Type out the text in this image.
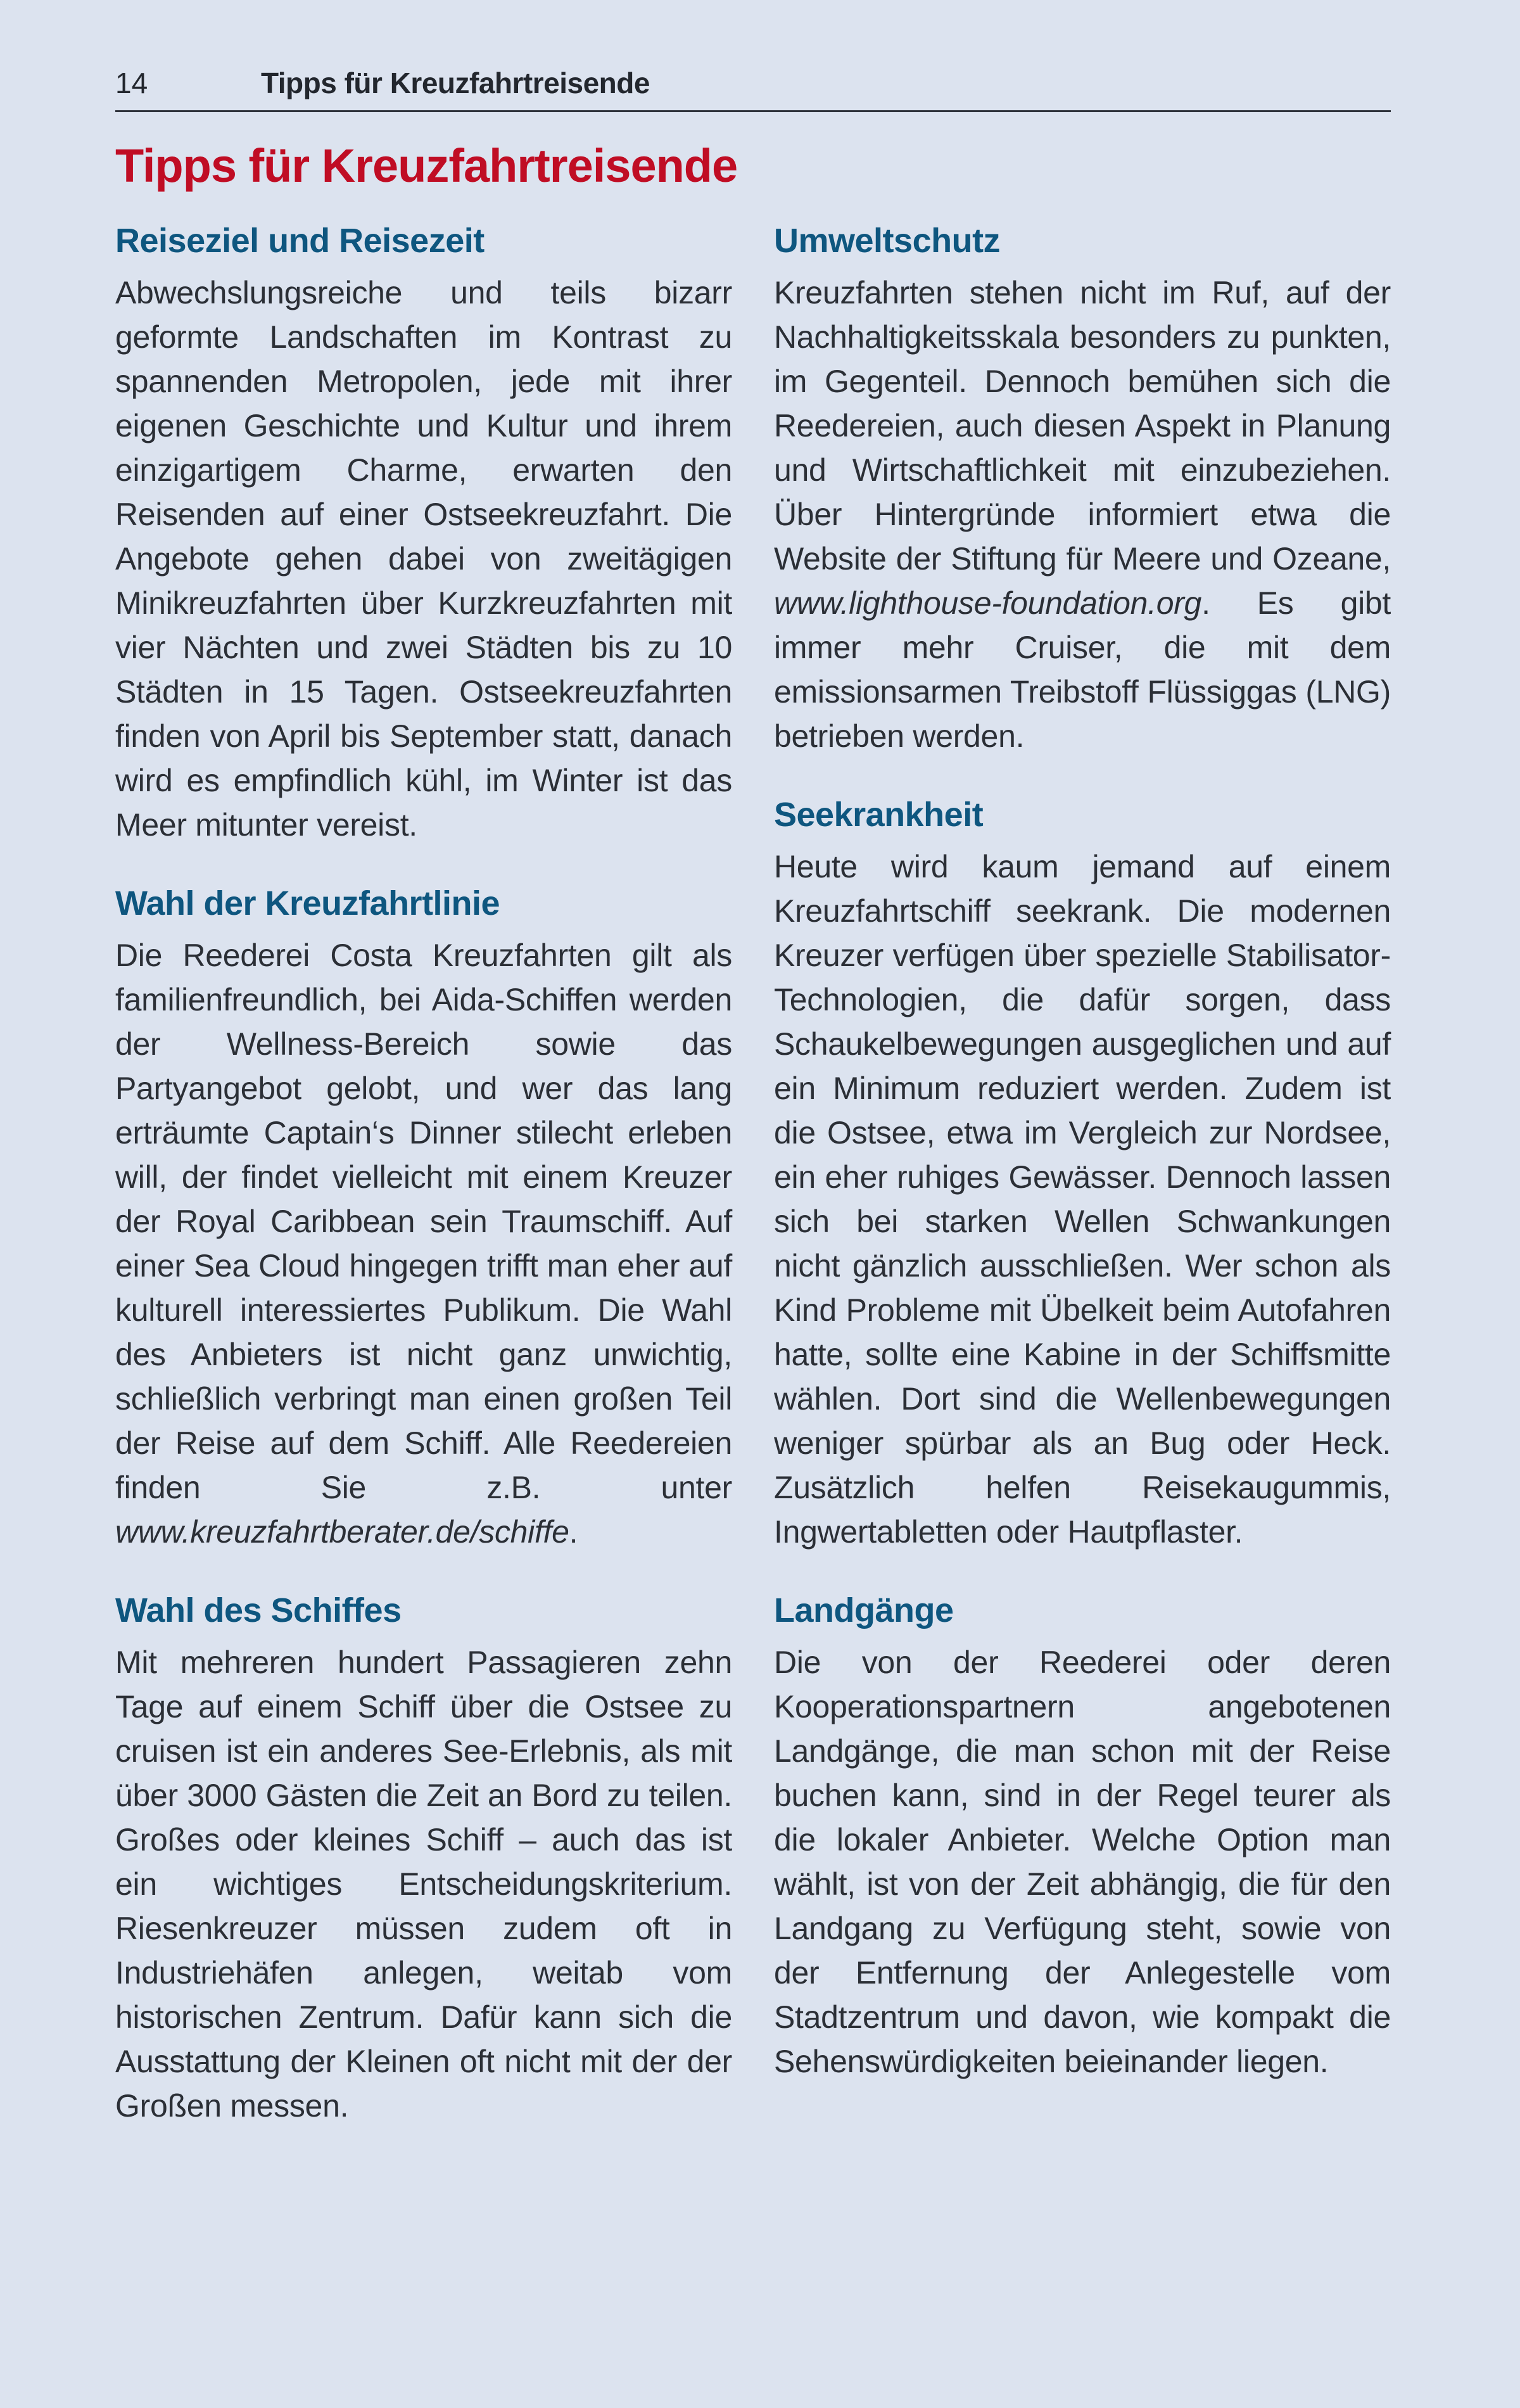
14	Tipps für Kreuzfahrtreisende
Tipps für Kreuzfahrtreisende
Reiseziel und Reisezeit

Abwechslungsreiche und teils bizarr geformte Landschaften im Kontrast zu spannenden Metropolen, jede mit ihrer eigenen Geschichte und Kultur und ihrem einzigartigem Charme, erwarten den Reisenden auf einer Ostseekreuzfahrt. Die Angebote gehen dabei von zweitägigen Minikreuzfahrten über Kurzkreuzfahrten mit vier Nächten und zwei Städten bis zu 10 Städten in 15 Tagen. Ostseekreuzfahrten finden von April bis September statt, danach wird es empfindlich kühl, im Winter ist das Meer mitunter vereist.

Wahl der Kreuzfahrtlinie

Die Reederei Costa Kreuzfahrten gilt als familienfreundlich, bei Aida-Schiffen werden der Wellness-Bereich sowie das Partyangebot gelobt, und wer das lang erträumte Captain‘s Dinner stilecht erleben will, der findet vielleicht mit einem Kreuzer der Royal Caribbean sein Traumschiff. Auf einer Sea Cloud hingegen trifft man eher auf kulturell interessiertes Publikum. Die Wahl des Anbieters ist nicht ganz unwichtig, schließlich verbringt man einen großen Teil der Reise auf dem Schiff. Alle Reedereien finden Sie z.B. unter www.kreuzfahrtberater.de/schiffe.

Wahl des Schiffes

Mit mehreren hundert Passagieren zehn Tage auf einem Schiff über die Ostsee zu cruisen ist ein anderes See-Erlebnis, als mit über 3000 Gästen die Zeit an Bord zu teilen. Großes oder kleines Schiff – auch das ist ein wichtiges Entscheidungskriterium. Riesenkreuzer müssen zudem oft in Industriehäfen anlegen, weitab vom historischen Zentrum. Dafür kann sich die Ausstattung der Kleinen oft nicht mit der der Großen messen.

Umweltschutz

Kreuzfahrten stehen nicht im Ruf, auf der Nachhaltigkeitsskala besonders zu punkten, im Gegenteil. Dennoch bemühen sich die Reedereien, auch diesen Aspekt in Planung und Wirtschaftlichkeit mit einzubeziehen. Über Hintergründe informiert etwa die Website der Stiftung für Meere und Ozeane, www.lighthouse-foundation.org. Es gibt immer mehr Cruiser, die mit dem emissionsarmen Treibstoff Flüssiggas (LNG) betrieben werden.

Seekrankheit

Heute wird kaum jemand auf einem Kreuzfahrtschiff seekrank. Die modernen Kreuzer verfügen über spezielle Stabilisator-Technologien, die dafür sorgen, dass Schaukelbewegungen ausgeglichen und auf ein Minimum reduziert werden. Zudem ist die Ostsee, etwa im Vergleich zur Nordsee, ein eher ruhiges Gewässer. Dennoch lassen sich bei starken Wellen Schwankungen nicht gänzlich ausschließen. Wer schon als Kind Probleme mit Übelkeit beim Autofahren hatte, sollte eine Kabine in der Schiffsmitte wählen. Dort sind die Wellenbewegungen weniger spürbar als an Bug oder Heck. Zusätzlich helfen Reisekaugummis, Ingwertabletten oder Hautpflaster.

Landgänge

Die von der Reederei oder deren Kooperationspartnern angebotenen Landgänge, die man schon mit der Reise buchen kann, sind in der Regel teurer als die lokaler Anbieter. Welche Option man wählt, ist von der Zeit abhängig, die für den Landgang zu Verfügung steht, sowie von der Entfernung der Anlegestelle vom Stadtzentrum und davon, wie kompakt die Sehenswürdigkeiten beieinander liegen.
